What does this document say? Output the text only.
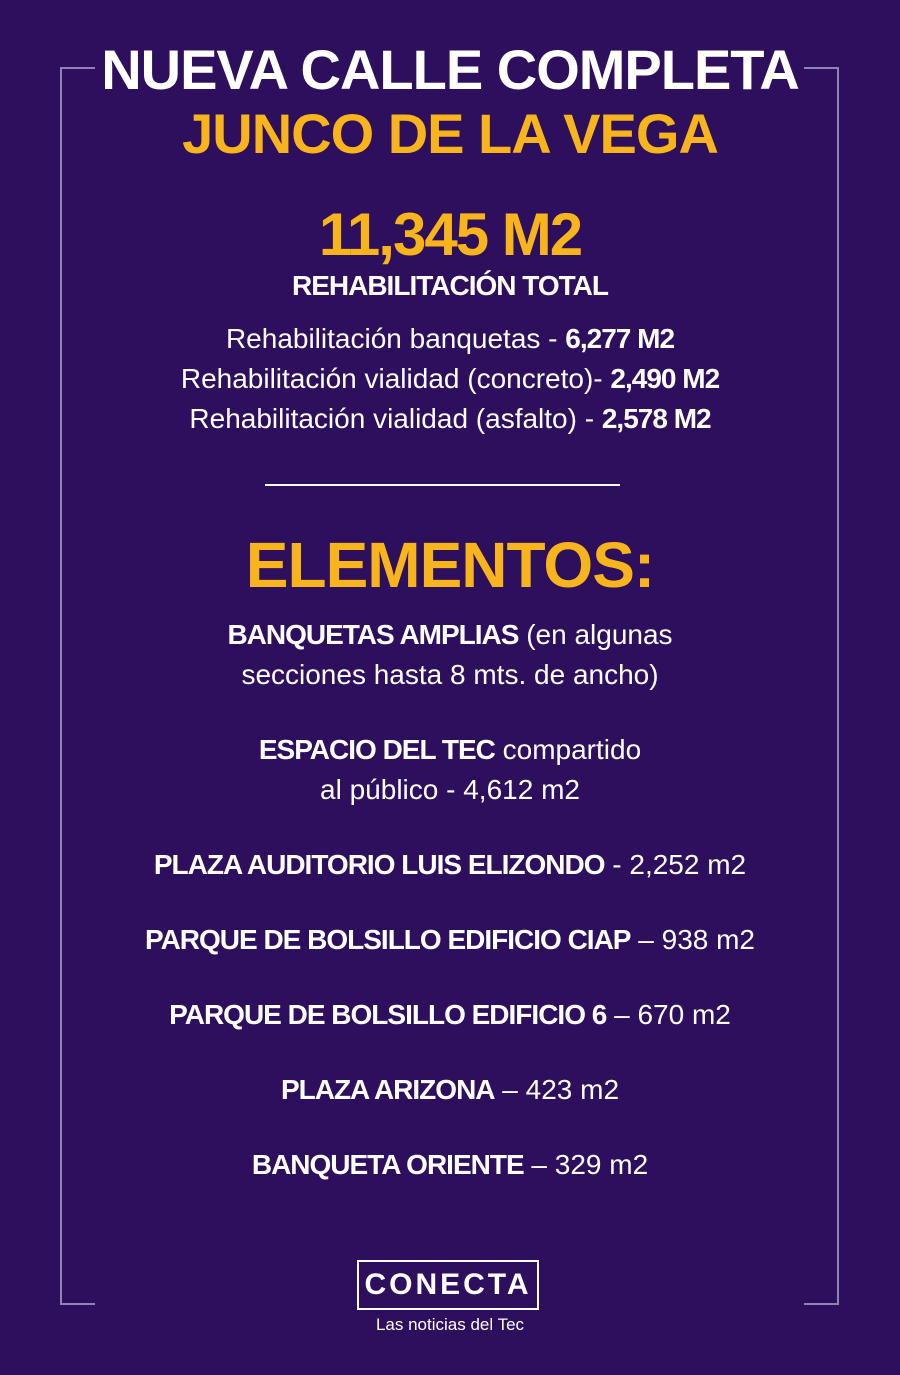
NUEVA CALLE COMPLETA
JUNCO DE LA VEGA
11,345 M2
REHABILITACIÓN TOTAL
Rehabilitación banquetas - 6,277 M2
Rehabilitación vialidad (concreto)- 2,490 M2
Rehabilitación vialidad (asfalto) - 2,578 M2
ELEMENTOS:
BANQUETAS AMPLIAS (en algunas
secciones hasta 8 mts. de ancho)
ESPACIO DEL TEC compartido
al público - 4,612 m2
PLAZA AUDITORIO LUIS ELIZONDO - 2,252 m2
PARQUE DE BOLSILLO EDIFICIO CIAP – 938 m2
PARQUE DE BOLSILLO EDIFICIO 6 – 670 m2
PLAZA ARIZONA – 423 m2
BANQUETA ORIENTE – 329 m2
CONECTA
Las noticias del Tec
